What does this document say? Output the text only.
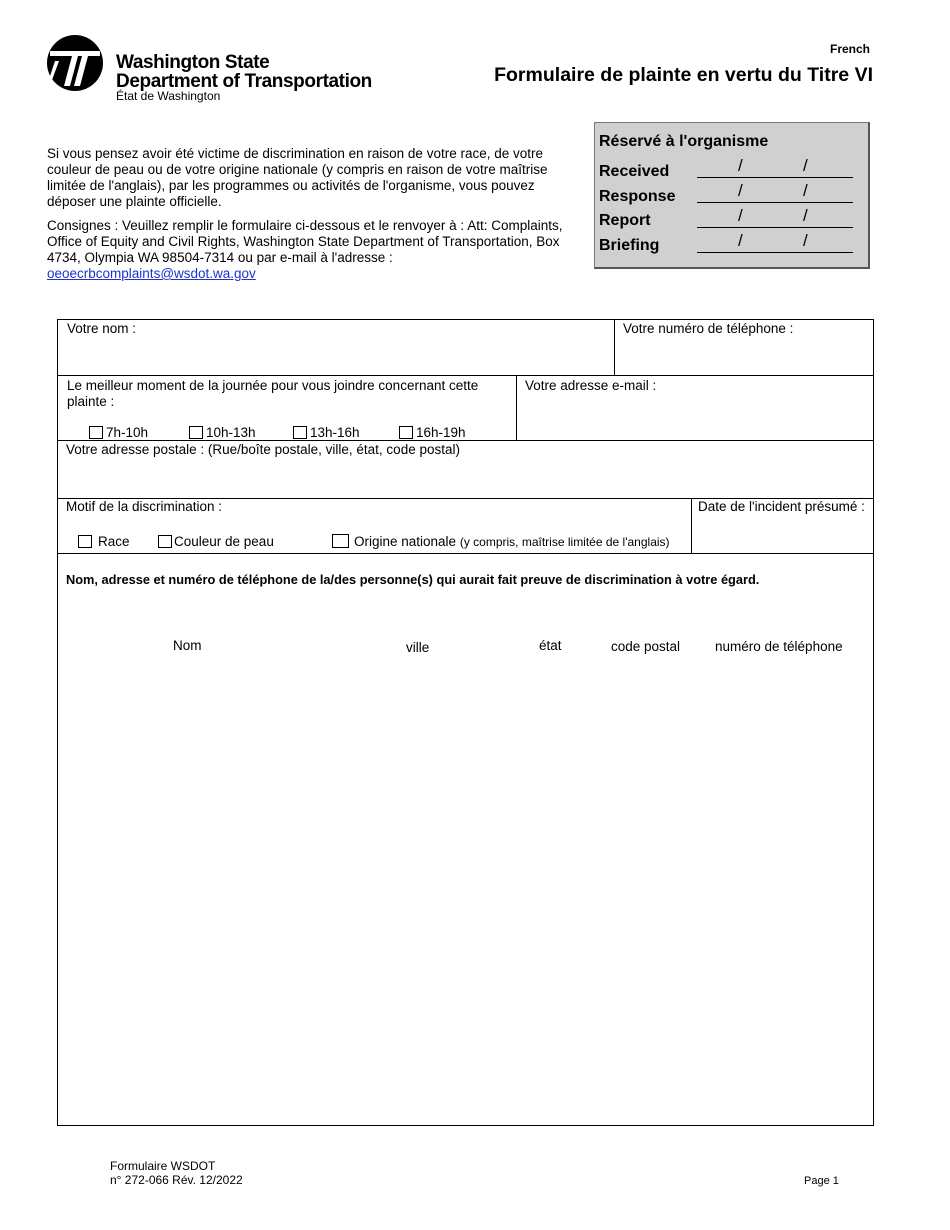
Washington State
Department of Transportation
État de Washington
French
Formulaire de plainte en vertu du Titre VI
Si vous pensez avoir été victime de discrimination en raison de votre race, de votre couleur de peau ou de votre origine nationale (y compris en raison de votre maîtrise limitée de l'anglais), par les programmes ou activités de l'organisme, vous pouvez déposer une plainte officielle.
Consignes : Veuillez remplir le formulaire ci-dessous et le renvoyer à : Att: Complaints, Office of Equity and Civil Rights, Washington State Department of Transportation, Box 4734, Olympia WA 98504-7314 ou par e-mail à l'adresse :
oeoecrbcomplaints@wsdot.wa.gov
Réservé à l'organisme
Received	/	/
Response	/	/
Report	/	/
Briefing	/	/
Votre nom :	Votre numéro de téléphone :
Le meilleur moment de la journée pour vous joindre concernant cette plainte :
7h-10h	10h-13h	13h-16h	16h-19h
Votre adresse e-mail :
Votre adresse postale : (Rue/boîte postale, ville, état, code postal)
Motif de la discrimination :
Race	Couleur de peau	Origine nationale (y compris, maîtrise limitée de l'anglais)
Date de l'incident présumé :
Nom, adresse et numéro de téléphone de la/des personne(s) qui aurait fait preuve de discrimination à votre égard.
Nom	ville	état	code postal	numéro de téléphone
Formulaire WSDOT
n° 272-066 Rév. 12/2022	Page 1
